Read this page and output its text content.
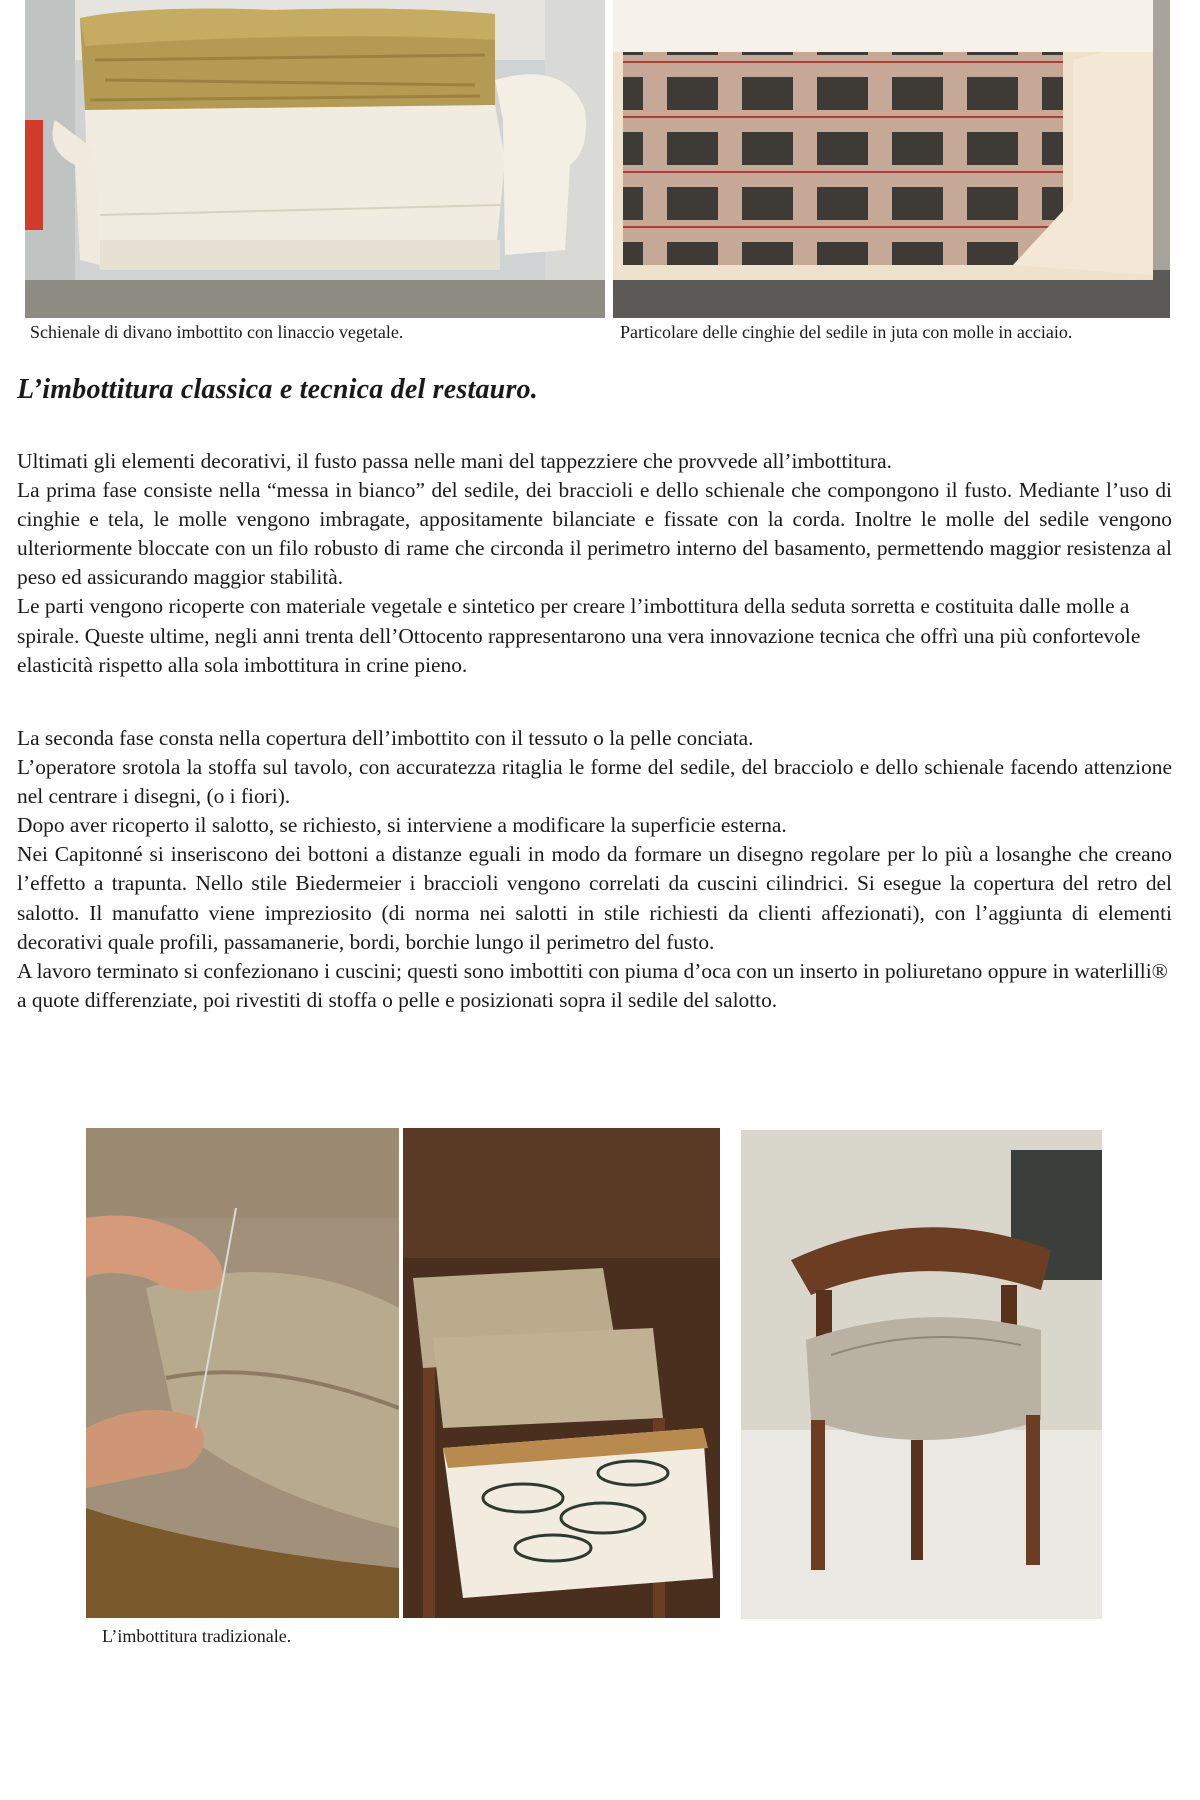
Schienale di divano imbottito con linaccio vegetale.	Particolare delle cinghie del sedile in juta con molle in acciaio.
L’imbottitura classica e tecnica del restauro.

Ultimati gli elementi decorativi, il fusto passa nelle mani del tappezziere che provvede all’imbottitura.

La prima fase consiste nella “messa in bianco” del sedile, dei braccioli e dello schienale che compongono il fusto. Mediante l’uso di cinghie e tela, le molle vengono imbragate, appositamente bilanciate e fissate con la corda. Inoltre le molle del sedile vengono ulteriormente bloccate con un filo robusto di rame che circonda il perimetro interno del basamento, permettendo maggior resistenza al peso ed assicurando maggior stabilità.

Le parti vengono ricoperte con materiale vegetale e sintetico per creare l’imbottitura della seduta sorretta e costituita dalle molle a spirale. Queste ultime, negli anni trenta dell’Ottocento rappresentarono una vera innovazione tecnica che offrì una più confortevole elasticità rispetto alla sola imbottitura in crine pieno.

La seconda fase consta nella copertura dell’imbottito con il tessuto o la pelle conciata.

L’operatore srotola la stoffa sul tavolo, con accuratezza ritaglia le forme del sedile, del bracciolo e dello schienale facendo attenzione nel centrare i disegni, (o i fiori).

Dopo aver ricoperto il salotto, se richiesto, si interviene a modificare la superficie esterna.

Nei Capitonné si inseriscono dei bottoni a distanze eguali in modo da formare un disegno regolare per lo più a losanghe che creano l’effetto a trapunta. Nello stile Biedermeier i braccioli vengono correlati da cuscini cilindrici. Si esegue la copertura del retro del salotto. Il manufatto viene impreziosito (di norma nei salotti in stile richiesti da clienti affezionati), con l’aggiunta di elementi decorativi quale profili, passamanerie, bordi, borchie lungo il perimetro del fusto.

A lavoro terminato si confezionano i cuscini; questi sono imbottiti con piuma d’oca con un inserto in poliuretano oppure in waterlilli® a quote differenziate, poi rivestiti di stoffa o pelle e posizionati sopra il sedile del salotto.

L’imbottitura tradizionale.
